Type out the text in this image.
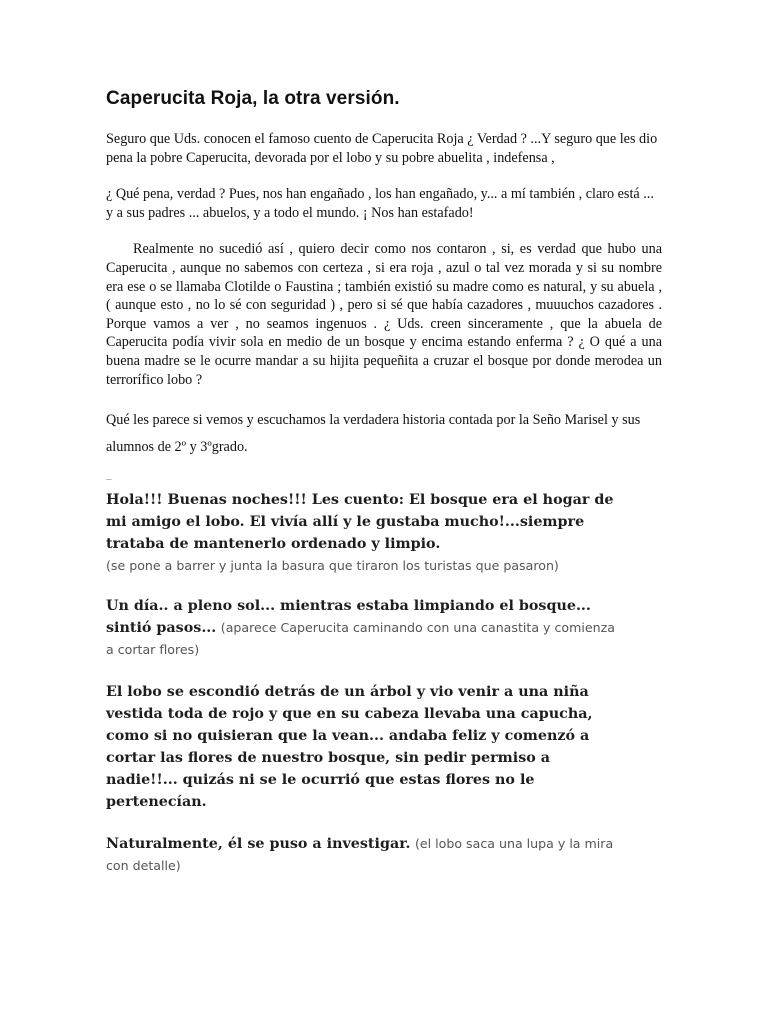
Caperucita Roja, la otra versión.

Seguro que Uds. conocen el famoso cuento de Caperucita Roja ¿ Verdad ? ...Y seguro que les dio pena la pobre Caperucita, devorada por el lobo y su pobre abuelita , indefensa ,

¿ Qué pena, verdad ? Pues, nos han engañado , los han engañado, y... a mí también , claro está ... y a sus padres ... abuelos, y a todo el mundo. ¡ Nos han estafado!

Realmente no sucedió así , quiero decir como nos contaron , si, es verdad que hubo una Caperucita , aunque no sabemos con certeza , si era roja , azul o tal vez morada y si su nombre era ese o se llamaba Clotilde o Faustina ; también existió su madre como es natural, y su abuela , ( aunque esto , no lo sé con seguridad ) , pero si sé que había cazadores , muuuchos cazadores . Porque vamos a ver , no seamos ingenuos . ¿ Uds. creen sinceramente , que la abuela de Caperucita podía vivir sola en medio de un bosque y encima estando enferma ? ¿ O qué a una buena madre se le ocurre mandar a su hijita pequeñita a cruzar el bosque por donde merodea un terrorífico lobo ?

Qué les parece si vemos y escuchamos la verdadera historia contada por la Seño Marisel y sus alumnos de 2º y 3ºgrado.

_

Hola!!! Buenas noches!!! Les cuento: El bosque era el hogar de mi amigo el lobo. El vivía allí y le gustaba mucho!...siempre trataba de mantenerlo ordenado y limpio.
(se pone a barrer y junta la basura que tiraron los turistas que pasaron)

Un día.. a pleno sol... mientras estaba limpiando el bosque... sintió pasos... (aparece Caperucita caminando con una canastita y comienza a cortar flores)

El lobo se escondió detrás de un árbol y vio venir a una niña vestida toda de rojo y que en su cabeza llevaba una capucha, como si no quisieran que la vean... andaba feliz y comenzó a cortar las flores de nuestro bosque, sin pedir permiso a nadie!!... quizás ni se le ocurrió que estas flores no le pertenecían.

Naturalmente, él se puso a investigar. (el lobo saca una lupa y la mira con detalle)
